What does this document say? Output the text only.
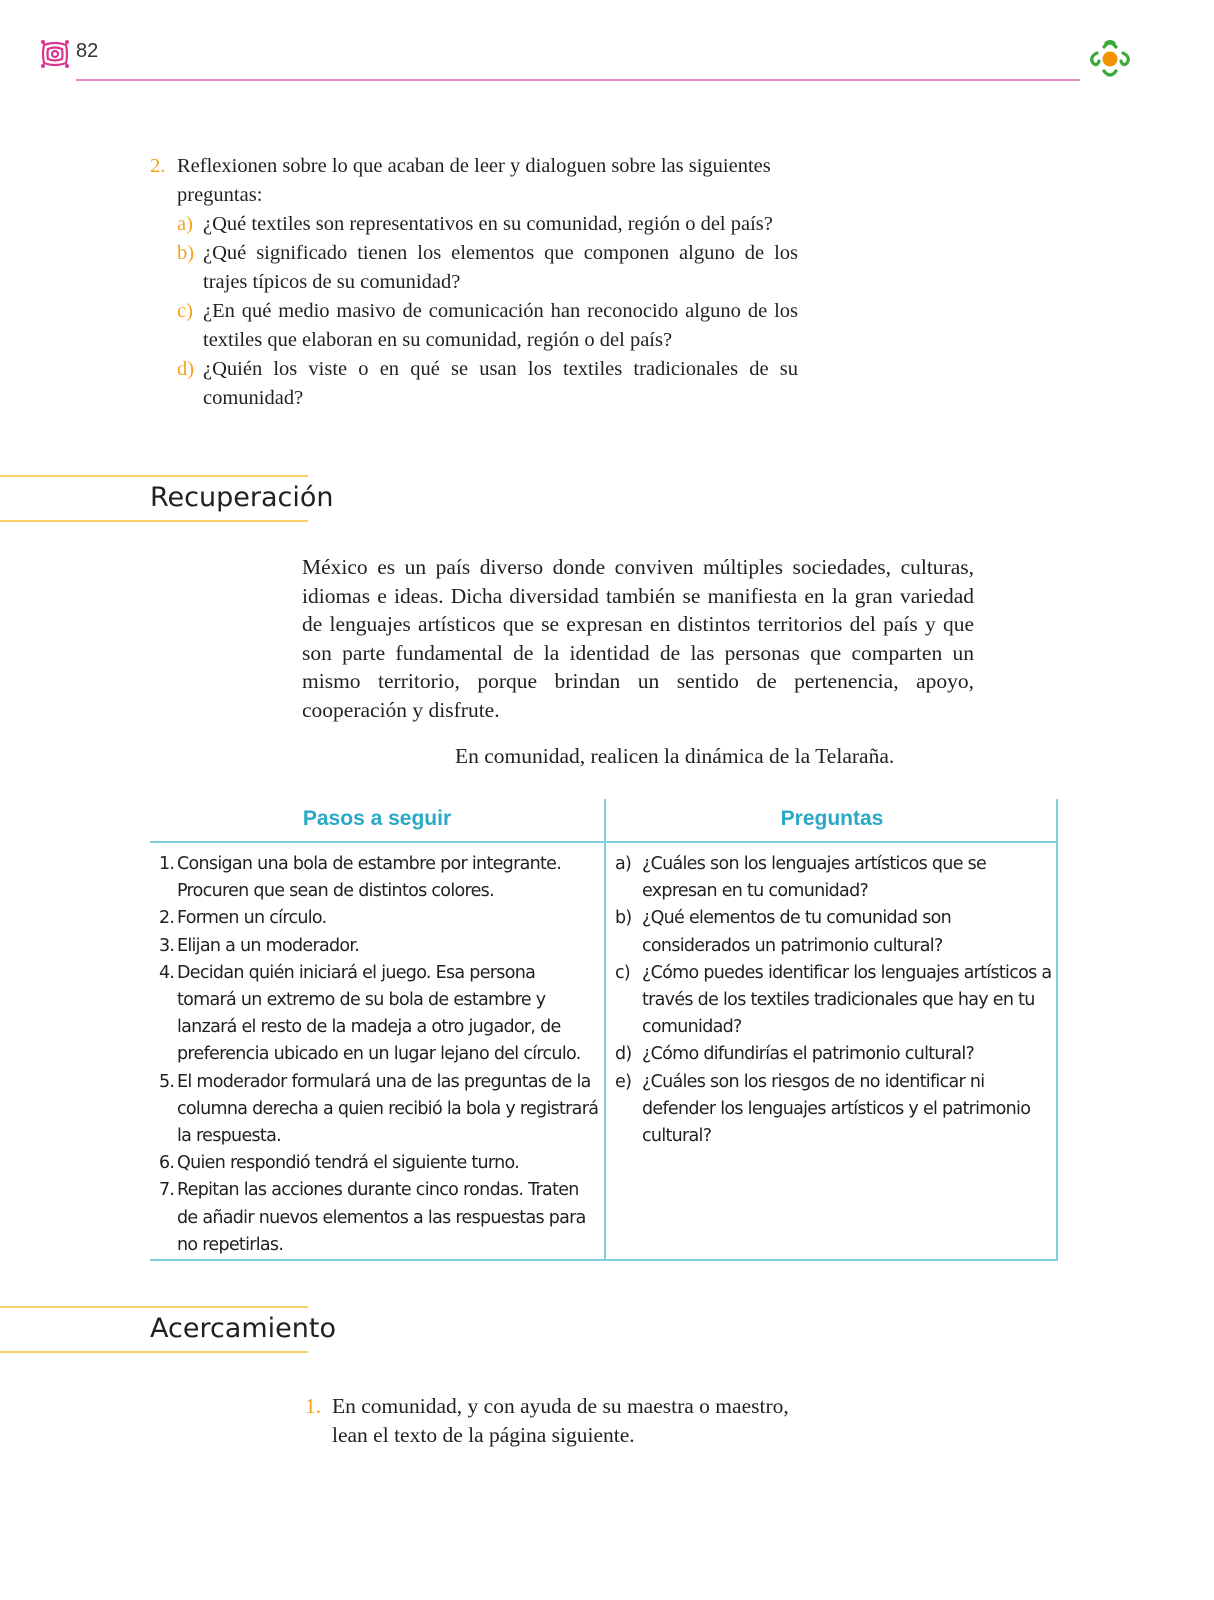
82
2. Reflexionen sobre lo que acaban de leer y dialoguen sobre las siguientes preguntas:
a) ¿Qué textiles son representativos en su comunidad, región o del país?
b) ¿Qué significado tienen los elementos que componen alguno de los trajes típicos de su comunidad?
c) ¿En qué medio masivo de comunicación han reconocido alguno de los textiles que elaboran en su comunidad, región o del país?
d) ¿Quién los viste o en qué se usan los textiles tradicionales de su comunidad?
Recuperación
México es un país diverso donde conviven múltiples sociedades, culturas, idiomas e ideas. Dicha diversidad también se manifiesta en la gran variedad de lenguajes artísticos que se expresan en distintos territorios del país y que son parte fundamental de la identidad de las personas que comparten un mismo territorio, porque brindan un sentido de pertenencia, apoyo, cooperación y disfrute.
En comunidad, realicen la dinámica de la Telaraña.
Pasos a seguir	Preguntas
1. Consigan una bola de estambre por integrante. Procuren que sean de distintos colores.
2. Formen un círculo.
3. Elijan a un moderador.
4. Decidan quién iniciará el juego. Esa persona tomará un extremo de su bola de estambre y lanzará el resto de la madeja a otro jugador, de preferencia ubicado en un lugar lejano del círculo.
5. El moderador formulará una de las preguntas de la columna derecha a quien recibió la bola y registrará la respuesta.
6. Quien respondió tendrá el siguiente turno.
7. Repitan las acciones durante cinco rondas. Traten de añadir nuevos elementos a las respuestas para no repetirlas.
a) ¿Cuáles son los lenguajes artísticos que se expresan en tu comunidad?
b) ¿Qué elementos de tu comunidad son considerados un patrimonio cultural?
c) ¿Cómo puedes identificar los lenguajes artísticos a través de los textiles tradicionales que hay en tu comunidad?
d) ¿Cómo difundirías el patrimonio cultural?
e) ¿Cuáles son los riesgos de no identificar ni defender los lenguajes artísticos y el patrimonio cultural?
Acercamiento
1. En comunidad, y con ayuda de su maestra o maestro, lean el texto de la página siguiente.
